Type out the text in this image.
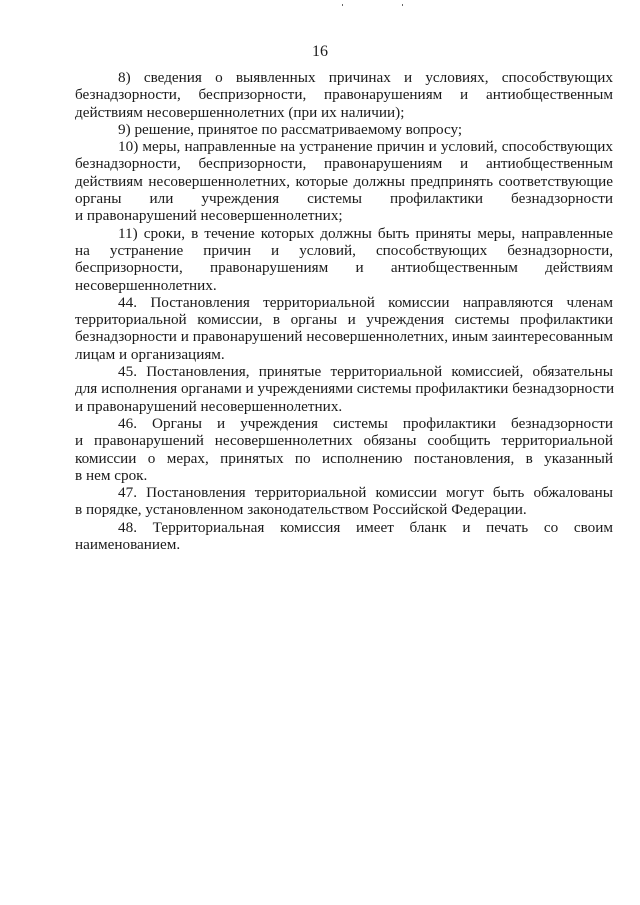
16
8) сведения о выявленных причинах и условиях, способствующих
безнадзорности, беспризорности, правонарушениям и антиобщественным
действиям несовершеннолетних (при их наличии);
9) решение, принятое по рассматриваемому вопросу;
10) меры, направленные на устранение причин и условий, способствующих
безнадзорности, беспризорности, правонарушениям и антиобщественным
действиям несовершеннолетних, которые должны предпринять соответствующие
органы или учреждения системы профилактики безнадзорности
и правонарушений несовершеннолетних;
11) сроки, в течение которых должны быть приняты меры, направленные
на устранение причин и условий, способствующих безнадзорности,
беспризорности, правонарушениям и антиобщественным действиям
несовершеннолетних.
44. Постановления территориальной комиссии направляются членам
территориальной комиссии, в органы и учреждения системы профилактики
безнадзорности и правонарушений несовершеннолетних, иным заинтересованным
лицам и организациям.
45. Постановления, принятые территориальной комиссией, обязательны
для исполнения органами и учреждениями системы профилактики безнадзорности
и правонарушений несовершеннолетних.
46. Органы и учреждения системы профилактики безнадзорности
и правонарушений несовершеннолетних обязаны сообщить территориальной
комиссии о мерах, принятых по исполнению постановления, в указанный
в нем срок.
47. Постановления территориальной комиссии могут быть обжалованы
в порядке, установленном законодательством Российской Федерации.
48. Территориальная комиссия имеет бланк и печать со своим
наименованием.
